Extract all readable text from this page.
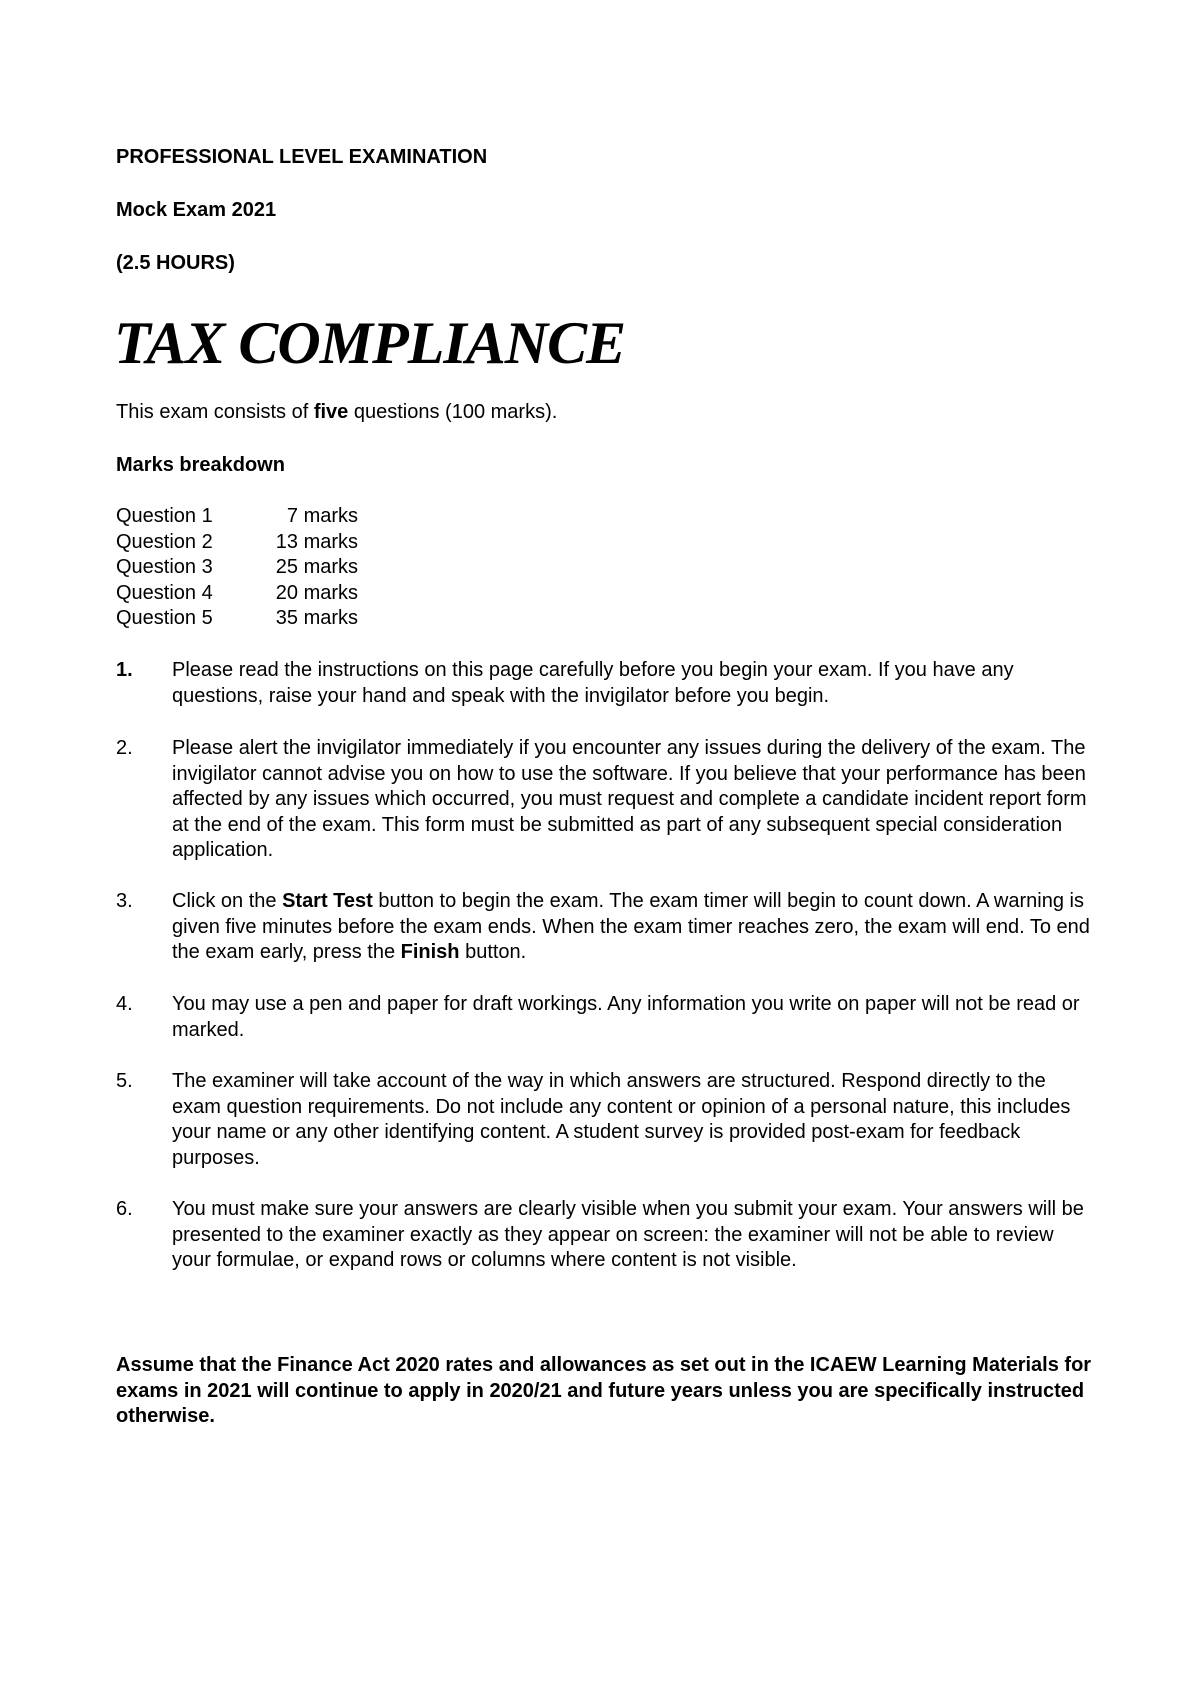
PROFESSIONAL LEVEL EXAMINATION

Mock Exam 2021

(2.5 HOURS)

TAX COMPLIANCE

This exam consists of five questions (100 marks).

Marks breakdown

Question 1	7 marks
Question 2	13 marks
Question 3	25 marks
Question 4	20 marks
Question 5	35 marks
1. Please read the instructions on this page carefully before you begin your exam. If you have any questions, raise your hand and speak with the invigilator before you begin.
2. Please alert the invigilator immediately if you encounter any issues during the delivery of the exam. The invigilator cannot advise you on how to use the software. If you believe that your performance has been affected by any issues which occurred, you must request and complete a candidate incident report form at the end of the exam. This form must be submitted as part of any subsequent special consideration application.
3. Click on the Start Test button to begin the exam. The exam timer will begin to count down. A warning is given five minutes before the exam ends. When the exam timer reaches zero, the exam will end. To end the exam early, press the Finish button.
4. You may use a pen and paper for draft workings. Any information you write on paper will not be read or marked.
5. The examiner will take account of the way in which answers are structured. Respond directly to the exam question requirements. Do not include any content or opinion of a personal nature, this includes your name or any other identifying content. A student survey is provided post-exam for feedback purposes.
6. You must make sure your answers are clearly visible when you submit your exam. Your answers will be presented to the examiner exactly as they appear on screen: the examiner will not be able to review your formulae, or expand rows or columns where content is not visible.

Assume that the Finance Act 2020 rates and allowances as set out in the ICAEW Learning Materials for exams in 2021 will continue to apply in 2020/21 and future years unless you are specifically instructed otherwise.
